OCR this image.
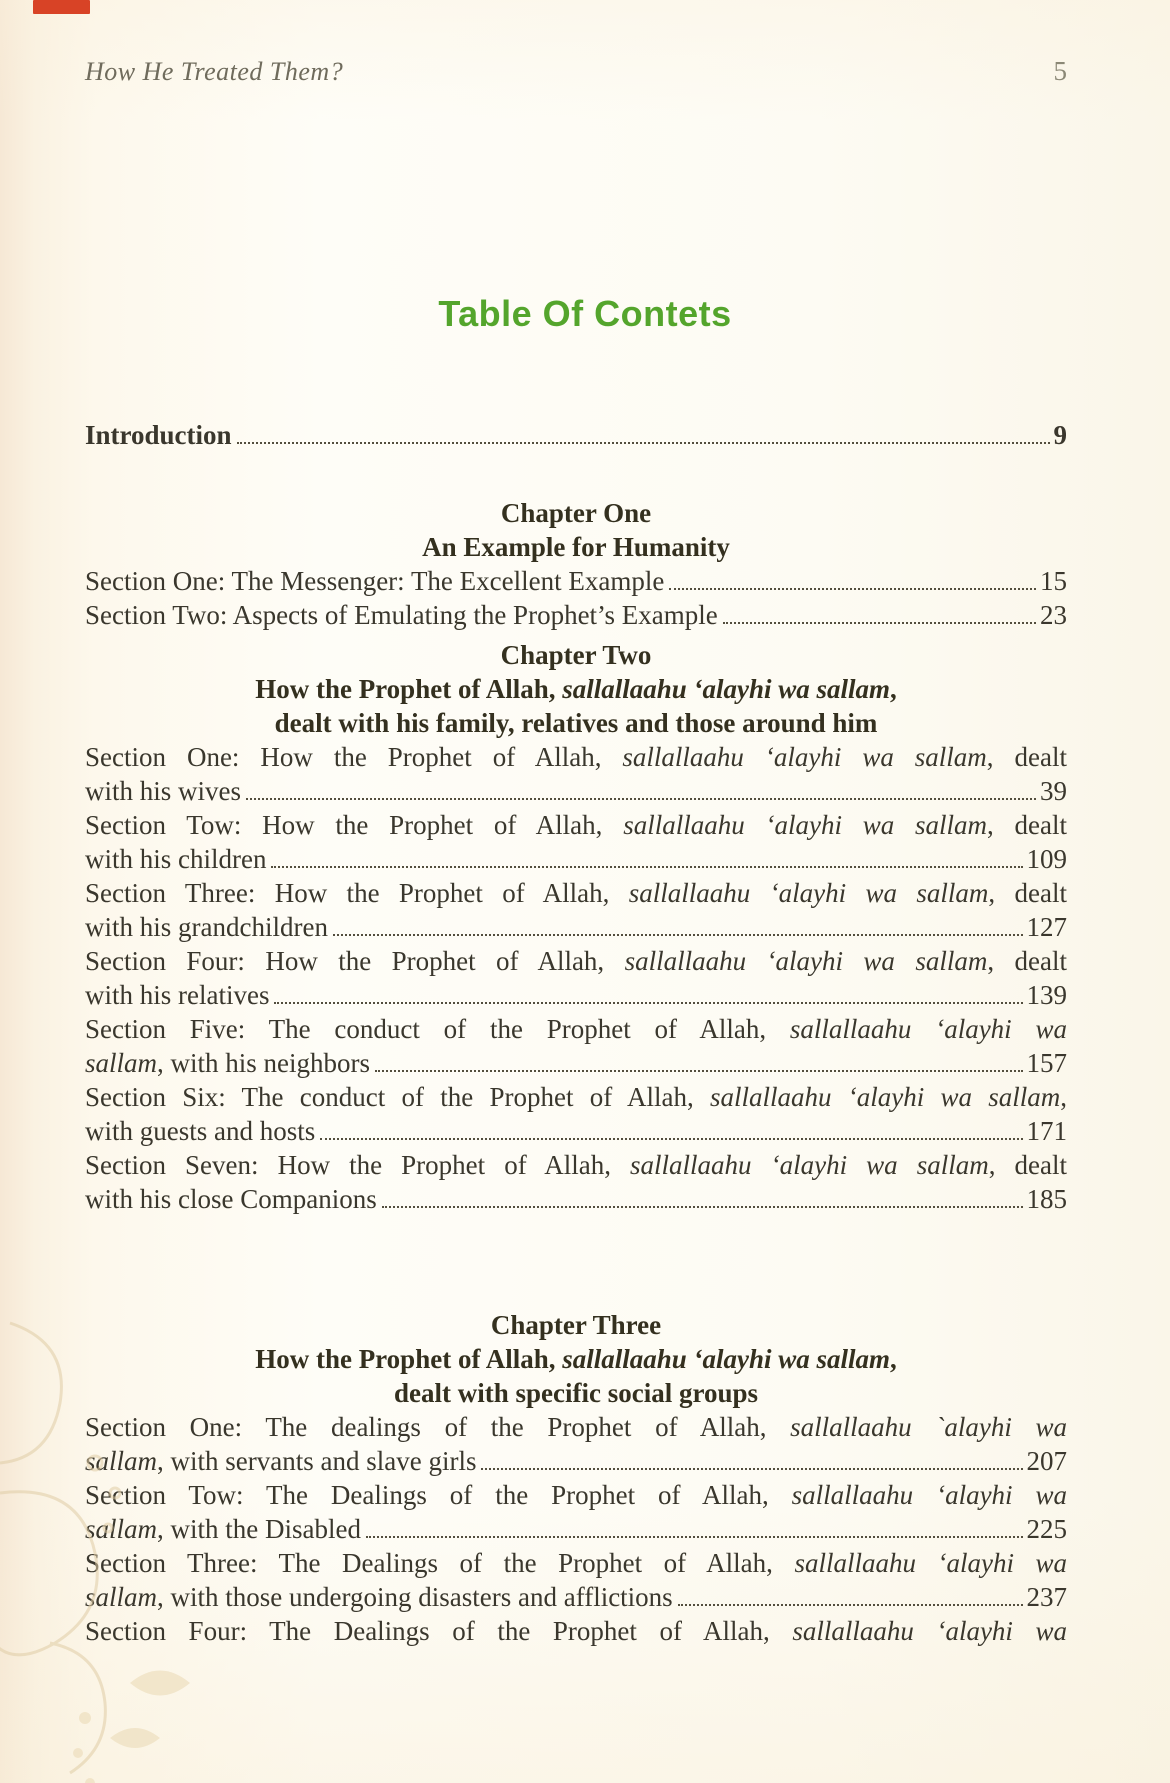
How He Treated Them?	5
Table Of Contets
Introduction	9
Chapter One
An Example for Humanity
Section One: The Messenger: The Excellent Example	15
Section Two: Aspects of Emulating the Prophet’s Example	23
Chapter Two
How the Prophet of Allah, sallallaahu ‘alayhi wa sallam,
dealt with his family, relatives and those around him
Section One: How the Prophet of Allah, sallallaahu ‘alayhi wa sallam, dealt
with his wives	39
Section Tow: How the Prophet of Allah, sallallaahu ‘alayhi wa sallam, dealt
with his children	109
Section Three: How the Prophet of Allah, sallallaahu ‘alayhi wa sallam, dealt
with his grandchildren	127
Section Four: How the Prophet of Allah, sallallaahu ‘alayhi wa sallam, dealt
with his relatives	139
Section Five: The conduct of the Prophet of Allah, sallallaahu ‘alayhi wa
sallam, with his neighbors	157
Section Six: The conduct of the Prophet of Allah, sallallaahu ‘alayhi wa sallam,
with guests and hosts	171
Section Seven: How the Prophet of Allah, sallallaahu ‘alayhi wa sallam, dealt
with his close Companions	185
Chapter Three
How the Prophet of Allah, sallallaahu ‘alayhi wa sallam,
dealt with specific social groups
Section One: The dealings of the Prophet of Allah, sallallaahu `alayhi wa
sallam, with servants and slave girls	207
Section Tow: The Dealings of the Prophet of Allah, sallallaahu ‘alayhi wa
sallam, with the Disabled	225
Section Three: The Dealings of the Prophet of Allah, sallallaahu ‘alayhi wa
sallam, with those undergoing disasters and afflictions	237
Section Four: The Dealings of the Prophet of Allah, sallallaahu ‘alayhi wa
